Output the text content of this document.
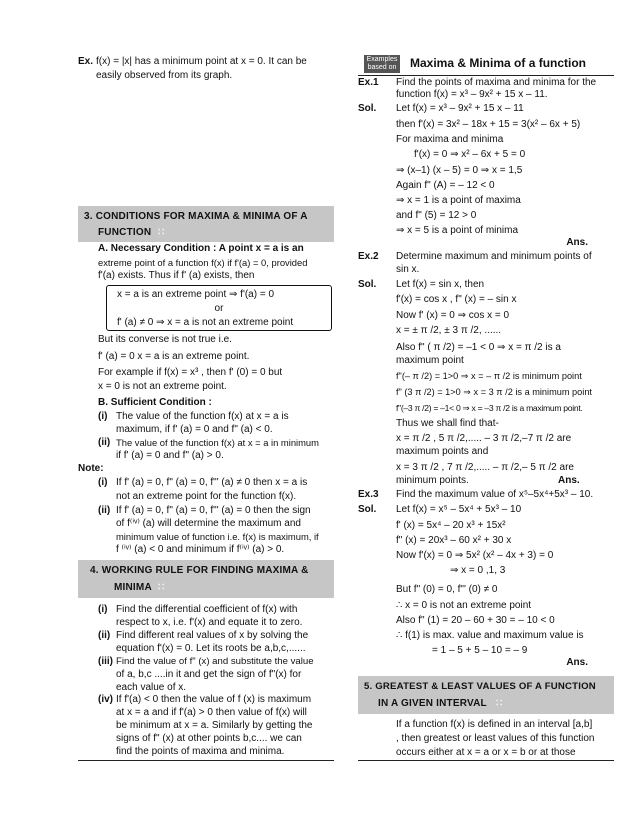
Ex. f(x) = |x| has a minimum point at x = 0. It can be
easily observed from its graph.
3. CONDITIONS FOR MAXIMA & MINIMA OF A
FUNCTION ∷
A. Necessary Condition : A point x = a is an
extreme point of a function f(x) if f'(a) = 0, provided
f'(a) exists. Thus if f' (a) exists, then
x = a is an extreme point ⇒ f'(a) = 0
or
f' (a) ≠ 0 ⇒ x = a is not an extreme point
But its converse is not true i.e.
f' (a) = 0 x = a is an extreme point.
For example if f(x) = x³ , then f' (0) = 0 but
x = 0 is not an extreme point.
B. Sufficient Condition :
(i) The value of the function f(x) at x = a is
maximum, if f' (a) = 0 and f" (a) < 0.
(ii) The value of the function f(x) at x = a in minimum
if f' (a) = 0 and f" (a) > 0.
Note:
(i) If f' (a) = 0, f" (a) = 0, f"' (a) ≠ 0 then x = a is
not an extreme point for the function f(x).
(ii) If f' (a) = 0, f" (a) = 0, f"' (a) = 0 then the sign
of f⁽ⁱᵛ⁾ (a) will determine the maximum and
minimum value of function i.e. f(x) is maximum, if
f ⁽ⁱᵛ⁾ (a) < 0 and minimum if f⁽ⁱᵛ⁾ (a) > 0.
4. WORKING RULE FOR FINDING MAXIMA &
MINIMA ∷
(i) Find the differential coefficient of f(x) with
respect to x, i.e. f'(x) and equate it to zero.
(ii) Find different real values of x by solving the
equation f'(x) = 0. Let its roots be a,b,c,......
(iii) Find the value of f" (x) and substitute the value
of a, b,c ....in it and get the sign of f"(x) for
each value of x.
(iv) If f'(a) < 0 then the value of f (x) is maximum
at x = a and if f'(a) > 0 then value of f(x) will
be minimum at x = a. Similarly by getting the
signs of f" (x) at other points b,c.... we can
find the points of maxima and minima.
Examples
based on Maxima & Minima of a function
Ex.1 Find the points of maxima and minima for the
function f(x) = x³ – 9x² + 15 x – 11.
Sol. Let f(x) = x³ – 9x² + 15 x – 11
then f'(x) = 3x² – 18x + 15 = 3(x² – 6x + 5)
For maxima and minima
f'(x) = 0 ⇒ x² – 6x + 5 = 0
⇒ (x–1) (x – 5) = 0 ⇒ x = 1,5
Again f" (A) = – 12 < 0
⇒ x = 1 is a point of maxima
and f" (5) = 12 > 0
⇒ x = 5 is a point of minima
Ans.
Ex.2 Determine maximum and minimum points of
sin x.
Sol. Let f(x) = sin x, then
f'(x) = cos x , f" (x) = – sin x
Now f' (x) = 0 ⇒ cos x = 0
x = ± π /2, ± 3 π /2, ......
Also f" ( π /2) = –1 < 0 ⇒ x = π /2 is a
maximum point
f"(– π /2) = 1>0 ⇒ x = – π /2 is minimum point
f" (3 π /2) = 1>0 ⇒ x = 3 π /2 is a minimum point
f"(–3 π /2) = –1< 0 ⇒ x = –3 π /2 is a maximum point.
Thus we shall find that-
x = π /2 , 5 π /2,..... – 3 π /2,–7 π /2 are
maximum points and
x = 3 π /2 , 7 π /2,..... – π /2,– 5 π /2 are
minimum points.	Ans.
Ex.3 Find the maximum value of x⁵–5x⁴+5x³ – 10.
Sol. Let f(x) = x⁵ – 5x⁴ + 5x³ – 10
f' (x) = 5x⁴ – 20 x³ + 15x²
f" (x) = 20x³ – 60 x² + 30 x
Now f'(x) = 0 ⇒ 5x² (x² – 4x + 3) = 0
⇒ x = 0 ,1, 3
But f" (0) = 0, f"' (0) ≠ 0
∴ x = 0 is not an extreme point
Also f" (1) = 20 – 60 + 30 = – 10 < 0
∴ f(1) is max. value and maximum value is
= 1 – 5 + 5 – 10 = – 9
Ans.
5. GREATEST & LEAST VALUES OF A FUNCTION
IN A GIVEN INTERVAL ∷
If a function f(x) is defined in an interval [a,b]
, then greatest or least values of this function
occurs either at x = a or x = b or at those
